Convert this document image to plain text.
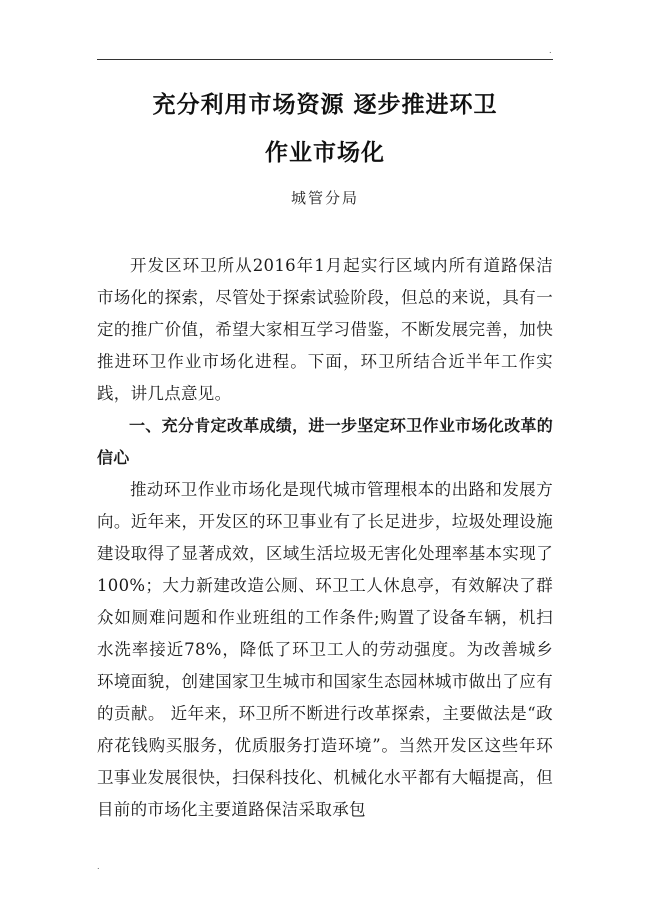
.
充分利用市场资源 逐步推进环卫
作业市场化
城管分局

开发区环卫所从2016年1月起实行区域内所有道路保洁市场化的探索，尽管处于探索试验阶段，但总的来说，具有一定的推广价值，希望大家相互学习借鉴，不断发展完善，加快推进环卫作业市场化进程。下面，环卫所结合近半年工作实践，讲几点意见。

一、充分肯定改革成绩，进一步坚定环卫作业市场化改革的信心

推动环卫作业市场化是现代城市管理根本的出路和发展方向。近年来，开发区的环卫事业有了长足进步，垃圾处理设施建设取得了显著成效，区域生活垃圾无害化处理率基本实现了100%；大力新建改造公厕、环卫工人休息亭，有效解决了群众如厕难问题和作业班组的工作条件;购置了设备车辆，机扫水洗率接近78%，降低了环卫工人的劳动强度。为改善城乡环境面貌，创建国家卫生城市和国家生态园林城市做出了应有的贡献。 近年来，环卫所不断进行改革探索，主要做法是“政府花钱购买服务，优质服务打造环境”。当然开发区这些年环卫事业发展很快，扫保科技化、机械化水平都有大幅提高，但目前的市场化主要道路保洁采取承包

.
